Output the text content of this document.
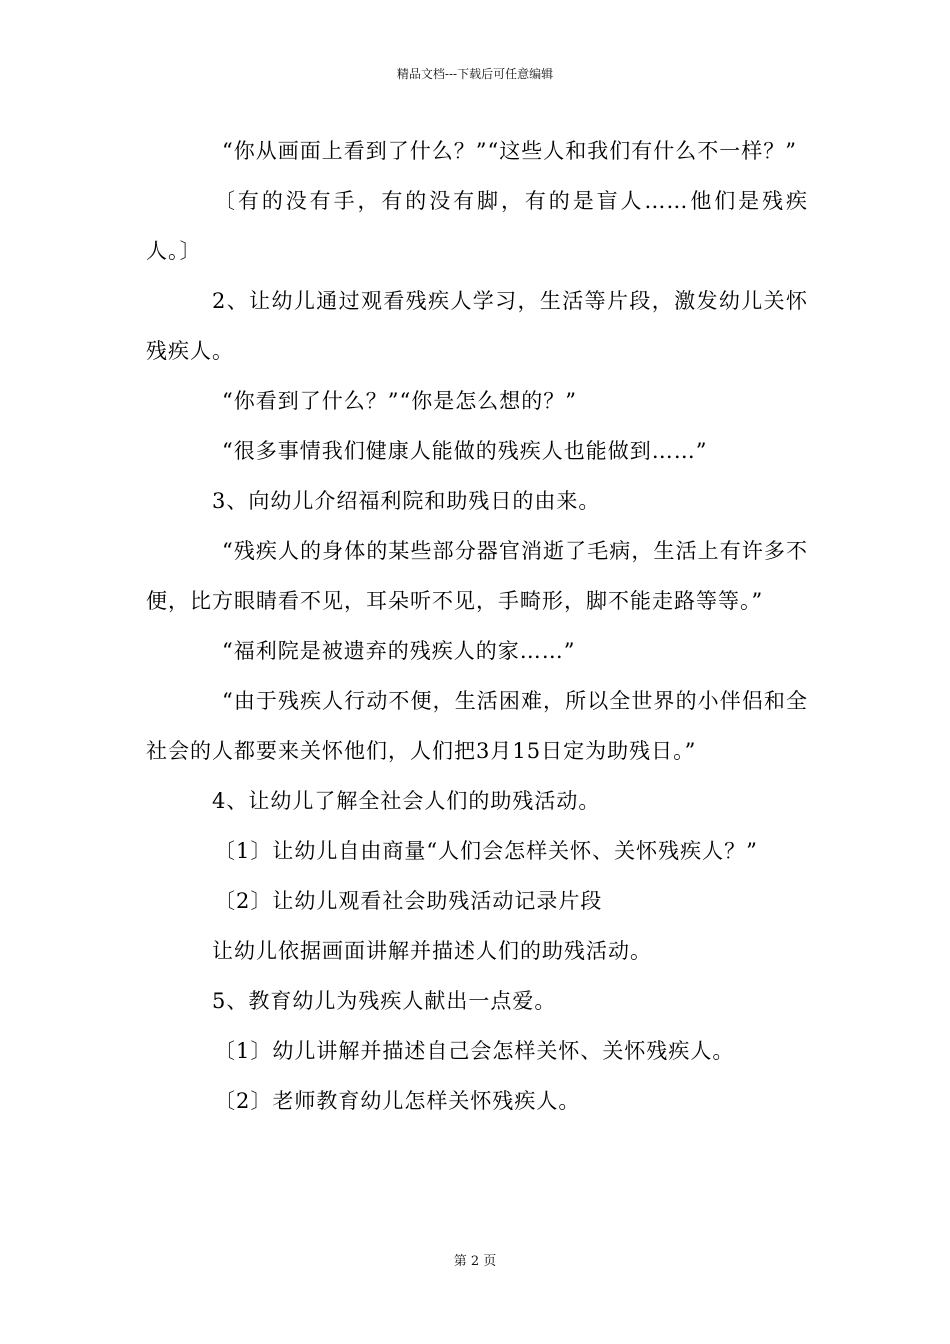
精品文档---下载后可任意编辑

“你从画面上看到了什么？”“这些人和我们有什么不一样？”

〔有的没有手，有的没有脚，有的是盲人……他们是残疾人。〕

2、让幼儿通过观看残疾人学习，生活等片段，激发幼儿关怀残疾人。

“你看到了什么？”“你是怎么想的？”

“很多事情我们健康人能做的残疾人也能做到……”

3、向幼儿介绍福利院和助残日的由来。

“残疾人的身体的某些部分器官消逝了毛病，生活上有许多不便，比方眼睛看不见，耳朵听不见，手畸形，脚不能走路等等。”

“福利院是被遗弃的残疾人的家……”

“由于残疾人行动不便，生活困难，所以全世界的小伴侣和全社会的人都要来关怀他们，人们把3月15日定为助残日。”

4、让幼儿了解全社会人们的助残活动。

〔1〕让幼儿自由商量“人们会怎样关怀、关怀残疾人？”

〔2〕让幼儿观看社会助残活动记录片段

让幼儿依据画面讲解并描述人们的助残活动。

5、教育幼儿为残疾人献出一点爱。

〔1〕幼儿讲解并描述自己会怎样关怀、关怀残疾人。

〔2〕老师教育幼儿怎样关怀残疾人。

第 2 页
